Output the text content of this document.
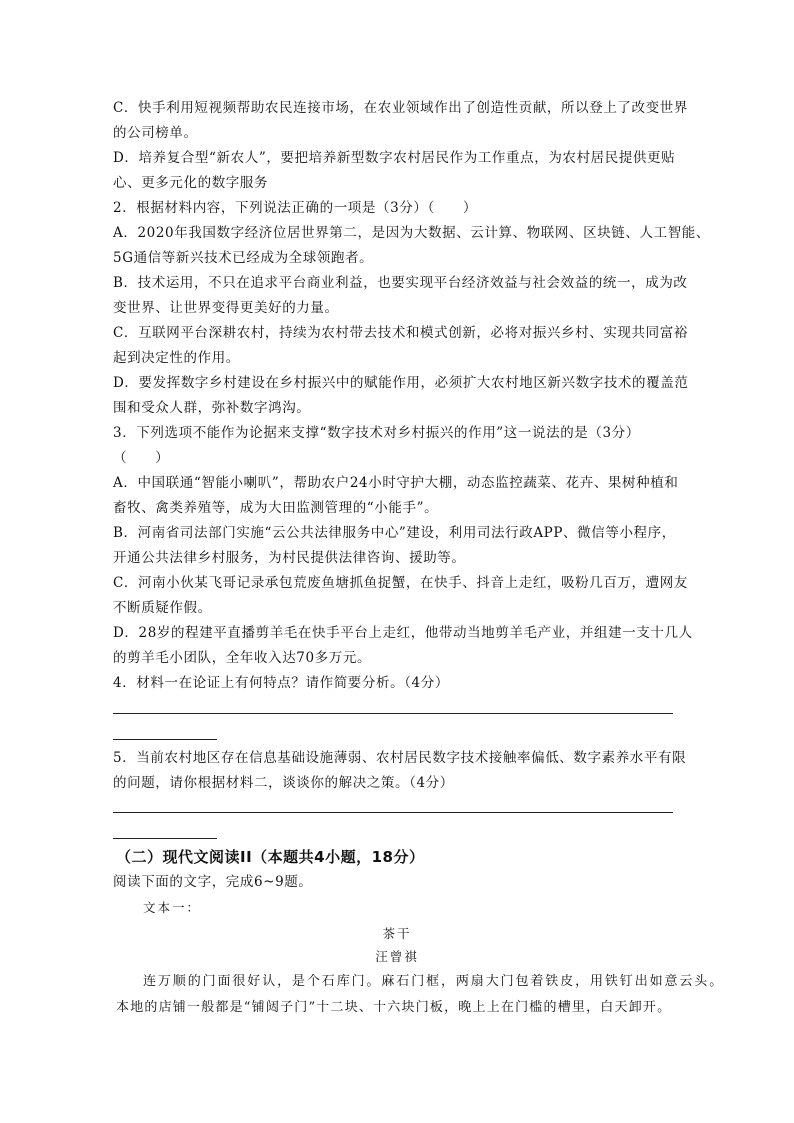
C．快手利用短视频帮助农民连接市场，在农业领域作出了创造性贡献，所以登上了改变世界
的公司榜单。
D．培养复合型“新农人”，要把培养新型数字农村居民作为工作重点，为农村居民提供更贴
心、更多元化的数字服务
2．根据材料内容，下列说法正确的一项是（3分）（　　）
A．2020年我国数字经济位居世界第二，是因为大数据、云计算、物联网、区块链、人工智能、
5G通信等新兴技术已经成为全球领跑者。
B．技术运用，不只在追求平台商业利益，也要实现平台经济效益与社会效益的统一，成为改
变世界、让世界变得更美好的力量。
C．互联网平台深耕农村，持续为农村带去技术和模式创新，必将对振兴乡村、实现共同富裕
起到决定性的作用。
D．要发挥数字乡村建设在乡村振兴中的赋能作用，必须扩大农村地区新兴数字技术的覆盖范
围和受众人群，弥补数字鸿沟。
3．下列选项不能作为论据来支撑“数字技术对乡村振兴的作用”这一说法的是（3分）
（　　）
A．中国联通“智能小喇叭”，帮助农户24小时守护大棚，动态监控蔬菜、花卉、果树种植和
畜牧、禽类养殖等，成为大田监测管理的“小能手”。
B．河南省司法部门实施“云公共法律服务中心”建设，利用司法行政APP、微信等小程序，
开通公共法律乡村服务，为村民提供法律咨询、援助等。
C．河南小伙某飞哥记录承包荒废鱼塘抓鱼捉蟹，在快手、抖音上走红，吸粉几百万，遭网友
不断质疑作假。
D．28岁的程建平直播剪羊毛在快手平台上走红，他带动当地剪羊毛产业，并组建一支十几人
的剪羊毛小团队，全年收入达70多万元。
4．材料一在论证上有何特点？请作简要分析。（4分）
5．当前农村地区存在信息基础设施薄弱、农村居民数字技术接触率偏低、数字素养水平有限
的问题，请你根据材料二，谈谈你的解决之策。（4分）
（二）现代文阅读II（本题共4小题，18分）
阅读下面的文字，完成6~9题。
文本一：
茶干
汪曾祺
连万顺的门面很好认，是个石库门。麻石门框，两扇大门包着铁皮，用铁钉出如意云头。
本地的店铺一般都是“铺闼子门”十二块、十六块门板，晚上上在门槛的槽里，白天卸开。
